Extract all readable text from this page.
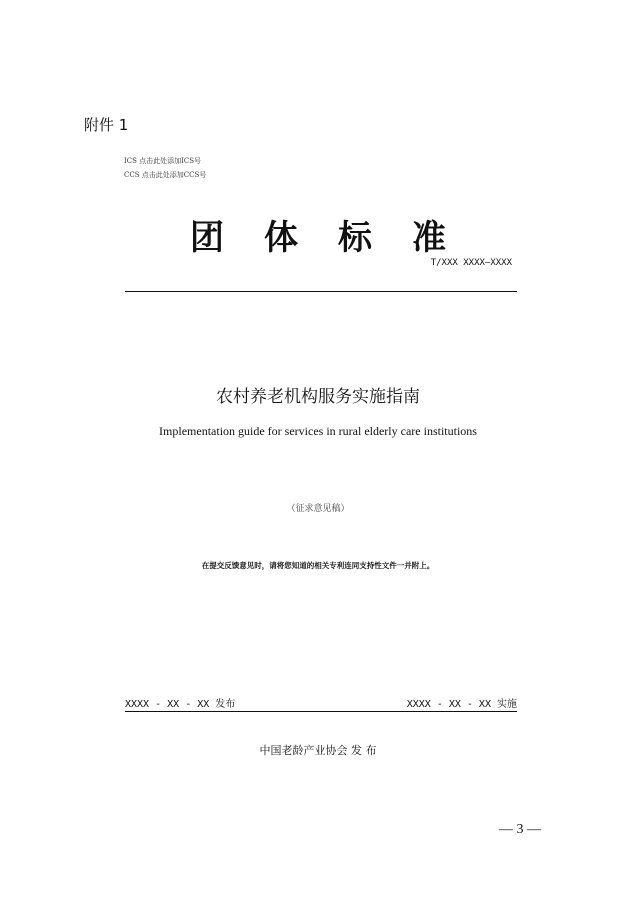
附件 1
ICS 点击此处添加ICS号
CCS 点击此处添加CCS号
团体标准
T/XXX XXXX—XXXX
农村养老机构服务实施指南
Implementation guide for services in rural elderly care institutions
（征求意见稿）
在提交反馈意见时，请将您知道的相关专利连同支持性文件一并附上。
XXXX - XX - XX 发布	XXXX - XX - XX 实施
中国老龄产业协会 发 布
— 3 —
